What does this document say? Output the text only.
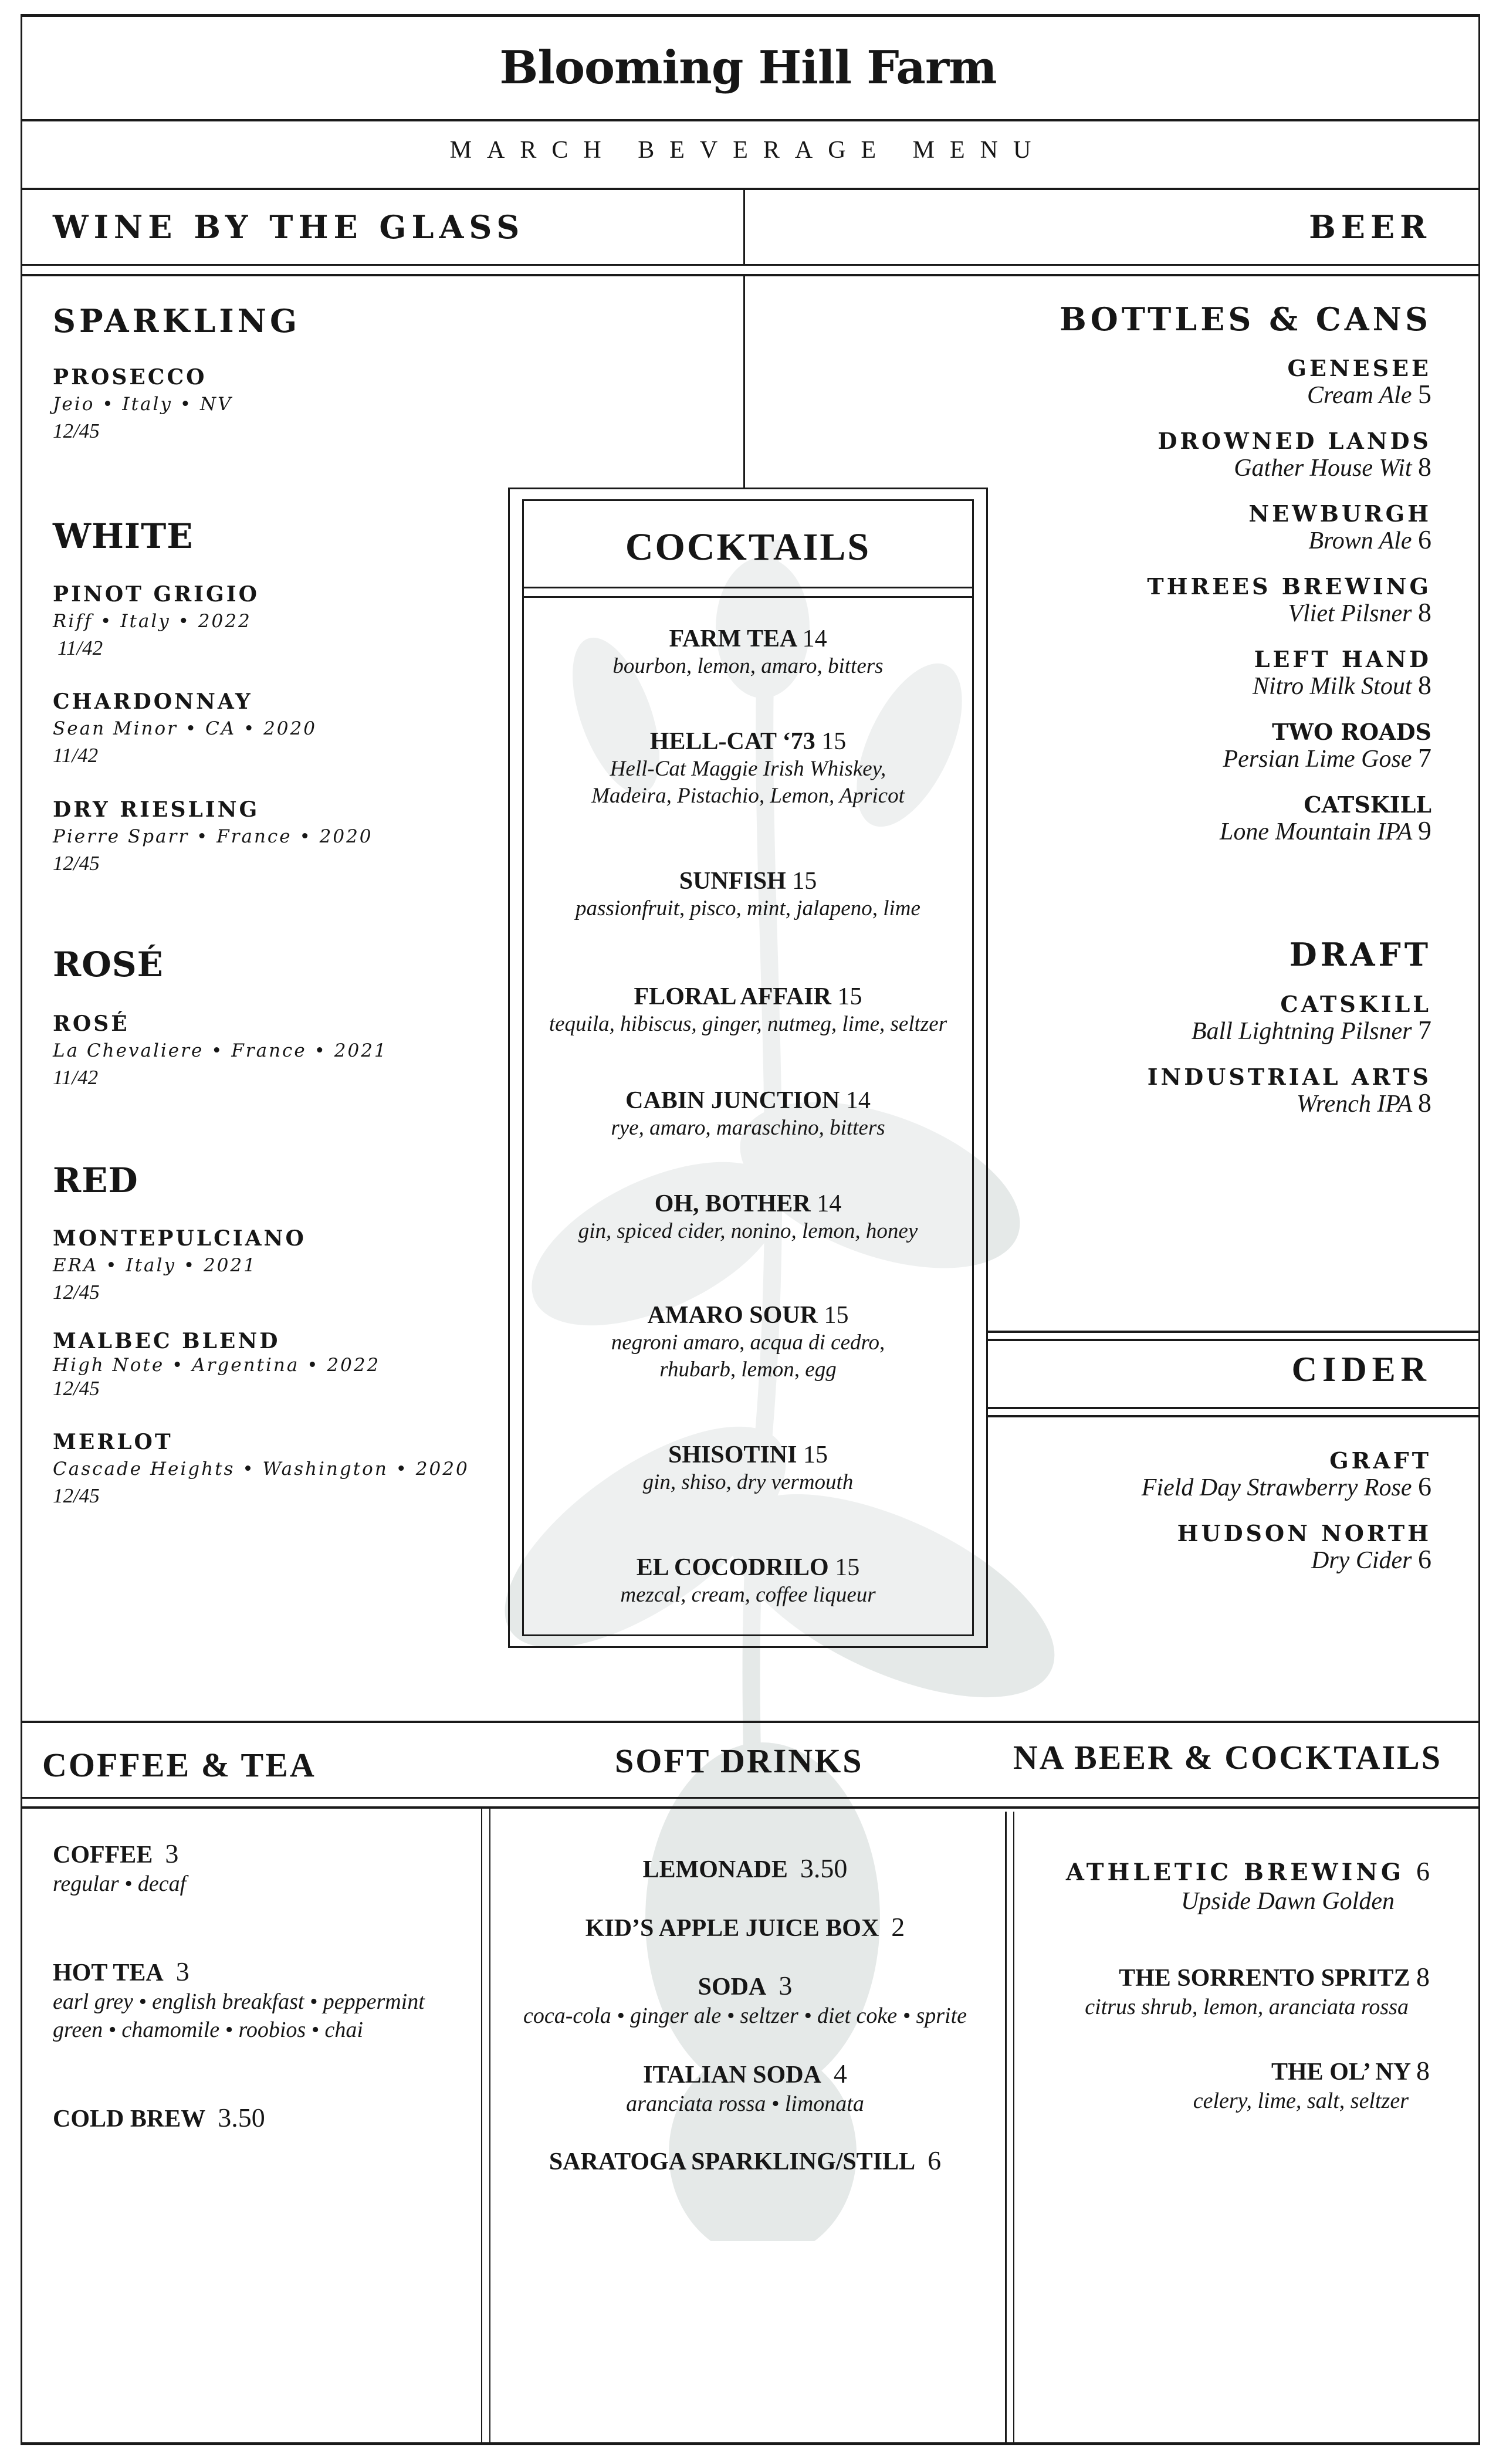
Blooming Hill Farm
MARCH BEVERAGE MENU
WINE BY THE GLASS	BEER
SPARKLING
PROSECCO
Jeio • Italy • NV
12/45
WHITE
PINOT GRIGIO
Riff • Italy • 2022
11/42
CHARDONNAY
Sean Minor • CA • 2020
11/42
DRY RIESLING
Pierre Sparr • France • 2020
12/45
ROSÉ
ROSÉ
La Chevaliere • France • 2021
11/42
RED
MONTEPULCIANO
ERA • Italy • 2021
12/45
MALBEC BLEND
High Note • Argentina • 2022
12/45
MERLOT
Cascade Heights • Washington • 2020
12/45
BOTTLES & CANS
GENESEE
Cream Ale 5
DROWNED LANDS
Gather House Wit 8
NEWBURGH
Brown Ale 6
THREES BREWING
Vliet Pilsner 8
LEFT HAND
Nitro Milk Stout 8
TWO ROADS
Persian Lime Gose 7
CATSKILL
Lone Mountain IPA 9
DRAFT
CATSKILL
Ball Lightning Pilsner 7
INDUSTRIAL ARTS
Wrench IPA 8
CIDER
GRAFT
Field Day Strawberry Rose 6
HUDSON NORTH
Dry Cider 6
COCKTAILS
FARM TEA 14
bourbon, lemon, amaro, bitters
HELL-CAT ‘73 15
Hell-Cat Maggie Irish Whiskey,
Madeira, Pistachio, Lemon, Apricot
SUNFISH 15
passionfruit, pisco, mint, jalapeno, lime
FLORAL AFFAIR 15
tequila, hibiscus, ginger, nutmeg, lime, seltzer
CABIN JUNCTION 14
rye, amaro, maraschino, bitters
OH, BOTHER 14
gin, spiced cider, nonino, lemon, honey
AMARO SOUR 15
negroni amaro, acqua di cedro,
rhubarb, lemon, egg
SHISOTINI 15
gin, shiso, dry vermouth
EL COCODRILO 15
mezcal, cream, coffee liqueur
COFFEE & TEA	SOFT DRINKS	NA BEER & COCKTAILS
COFFEE 3
regular • decaf
HOT TEA 3
earl grey • english breakfast • peppermint
green • chamomile • roobios • chai
COLD BREW 3.50
LEMONADE 3.50
KID’S APPLE JUICE BOX 2
SODA 3
coca-cola • ginger ale • seltzer • diet coke • sprite
ITALIAN SODA 4
aranciata rossa • limonata
SARATOGA SPARKLING/STILL 6
ATHLETIC BREWING 6
Upside Dawn Golden
THE SORRENTO SPRITZ 8
citrus shrub, lemon, aranciata rossa
THE OL’ NY 8
celery, lime, salt, seltzer
